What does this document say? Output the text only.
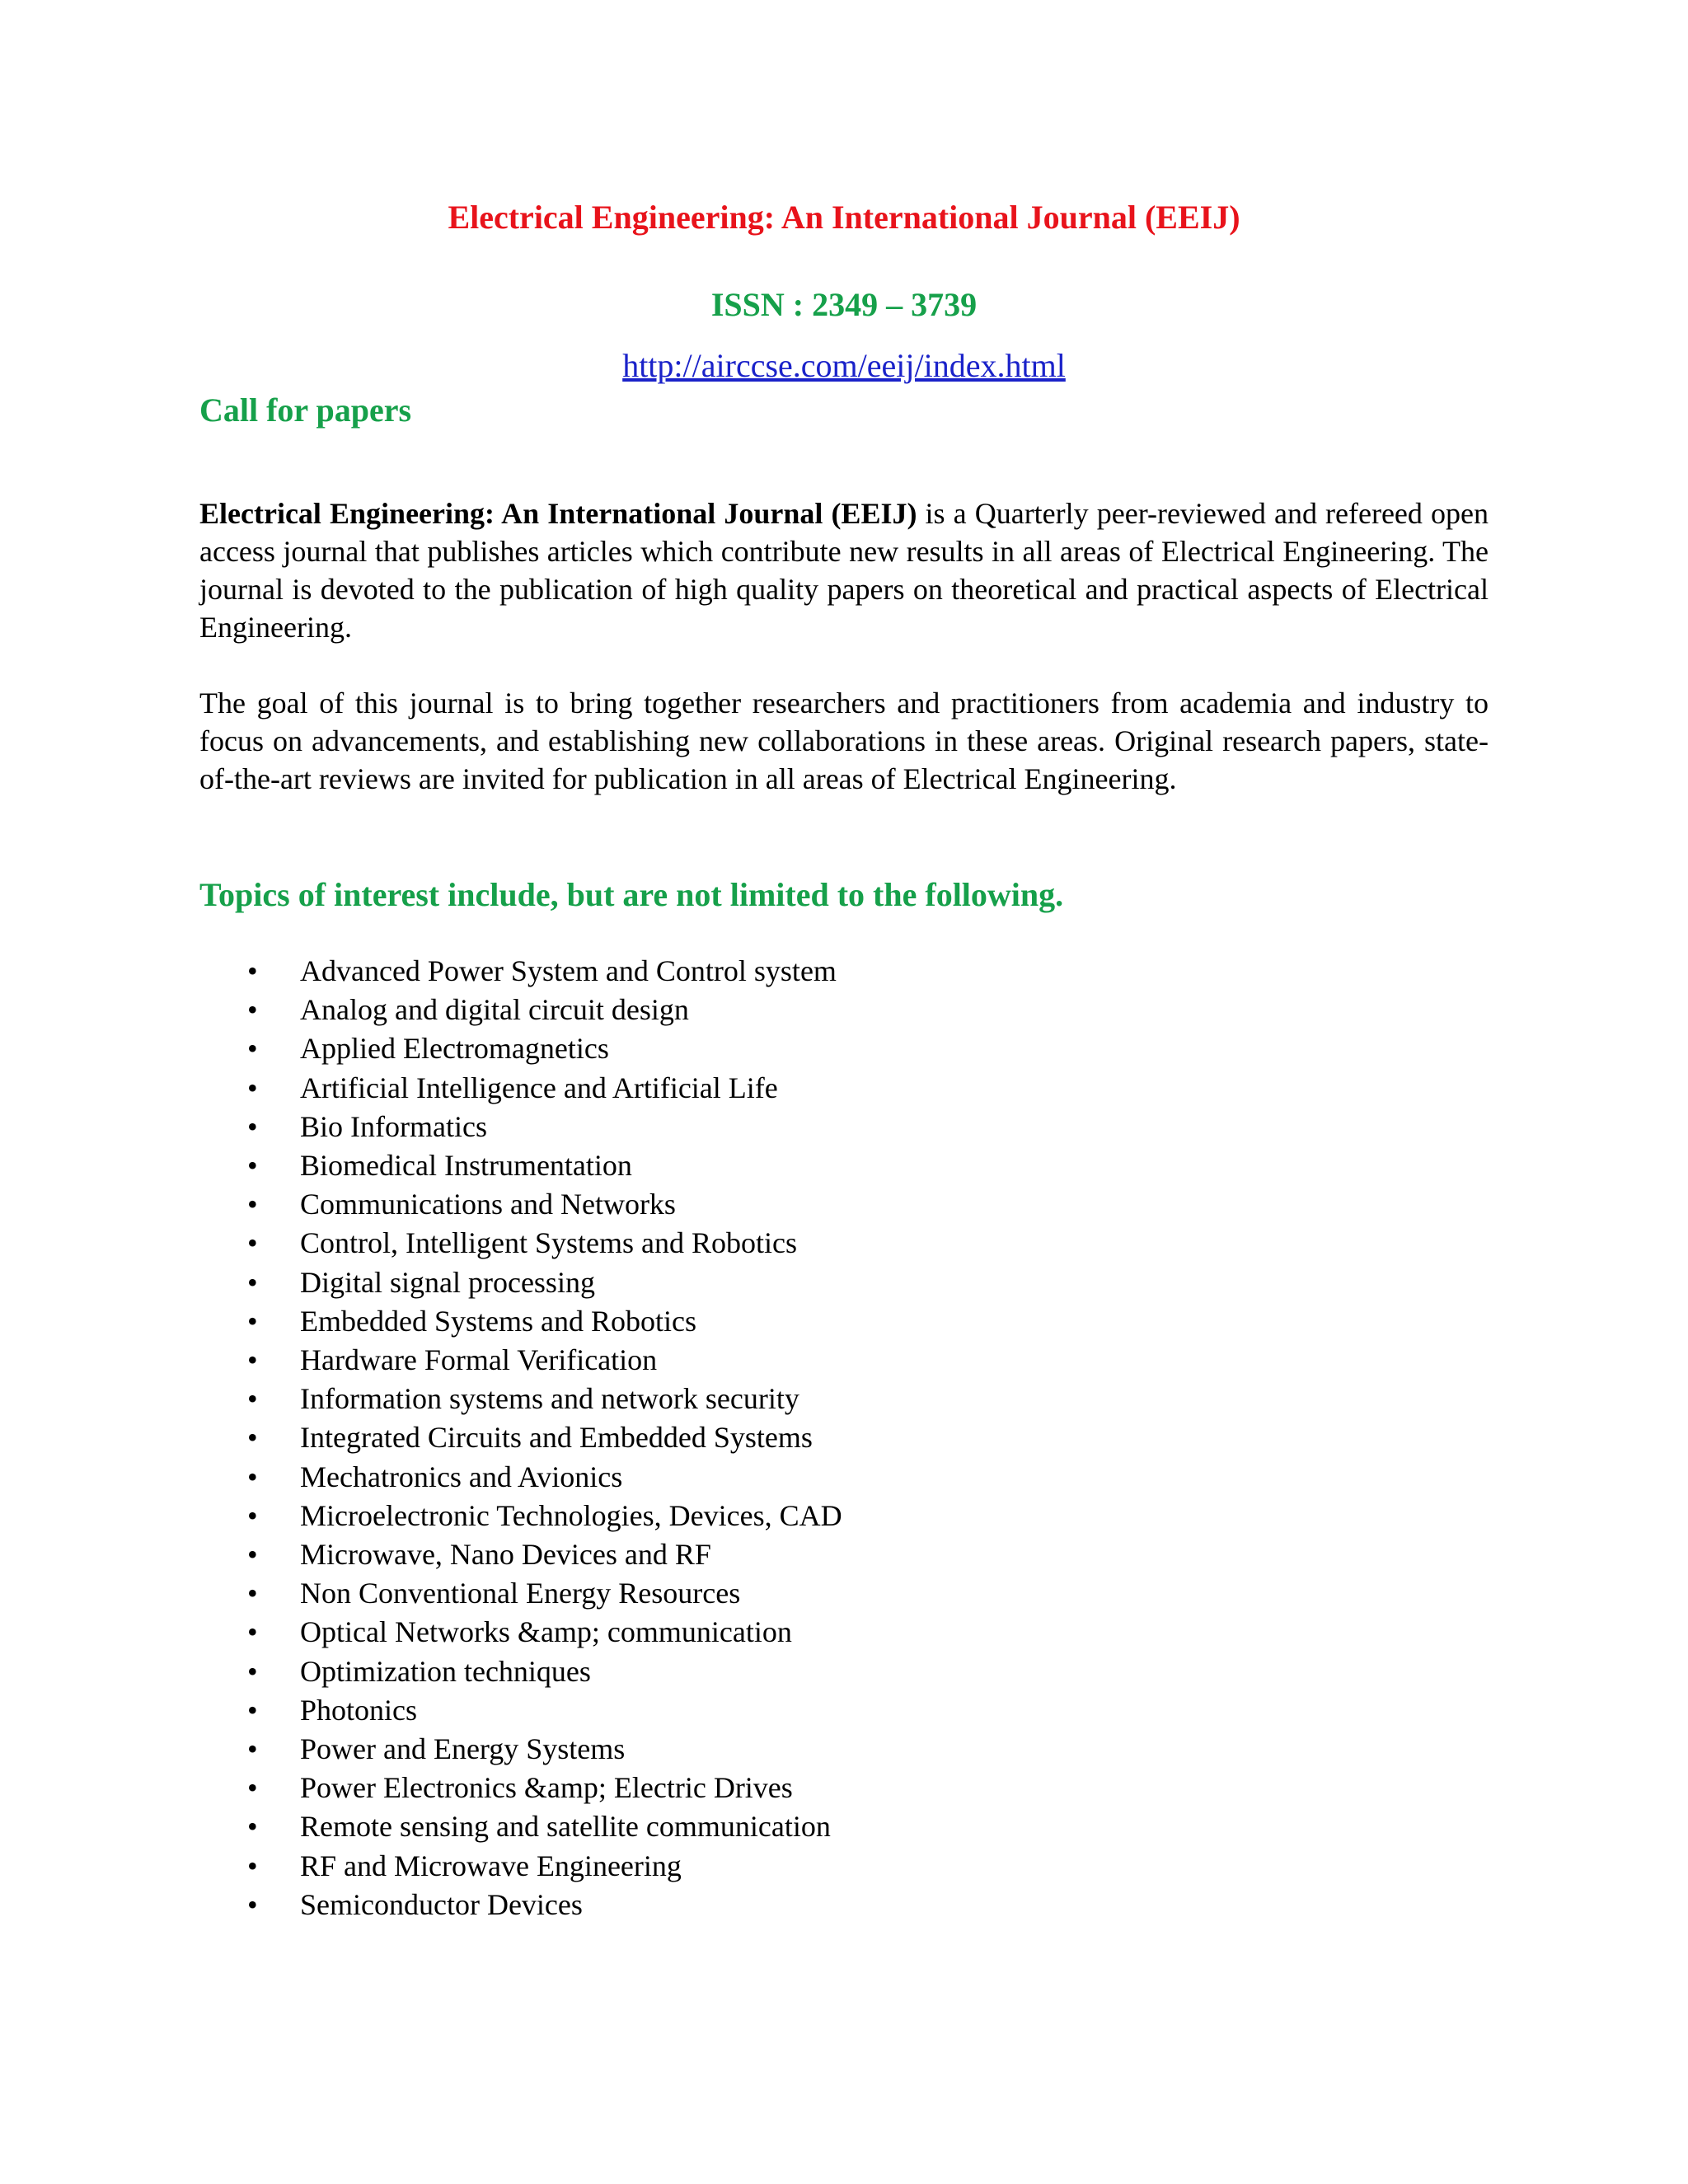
Electrical Engineering: An International Journal (EEIJ)
ISSN : 2349 – 3739
http://airccse.com/eeij/index.html
Call for papers

Electrical Engineering: An International Journal (EEIJ) is a Quarterly peer-reviewed and refereed open access journal that publishes articles which contribute new results in all areas of Electrical Engineering. The journal is devoted to the publication of high quality papers on theoretical and practical aspects of Electrical Engineering.

The goal of this journal is to bring together researchers and practitioners from academia and industry to focus on advancements, and establishing new collaborations in these areas. Original research papers, state-of-the-art reviews are invited for publication in all areas of Electrical Engineering.

Topics of interest include, but are not limited to the following.
• Advanced Power System and Control system
• Analog and digital circuit design
• Applied Electromagnetics
• Artificial Intelligence and Artificial Life
• Bio Informatics
• Biomedical Instrumentation
• Communications and Networks
• Control, Intelligent Systems and Robotics
• Digital signal processing
• Embedded Systems and Robotics
• Hardware Formal Verification
• Information systems and network security
• Integrated Circuits and Embedded Systems
• Mechatronics and Avionics
• Microelectronic Technologies, Devices, CAD
• Microwave, Nano Devices and RF
• Non Conventional Energy Resources
• Optical Networks &amp; communication
• Optimization techniques
• Photonics
• Power and Energy Systems
• Power Electronics &amp; Electric Drives
• Remote sensing and satellite communication
• RF and Microwave Engineering
• Semiconductor Devices
